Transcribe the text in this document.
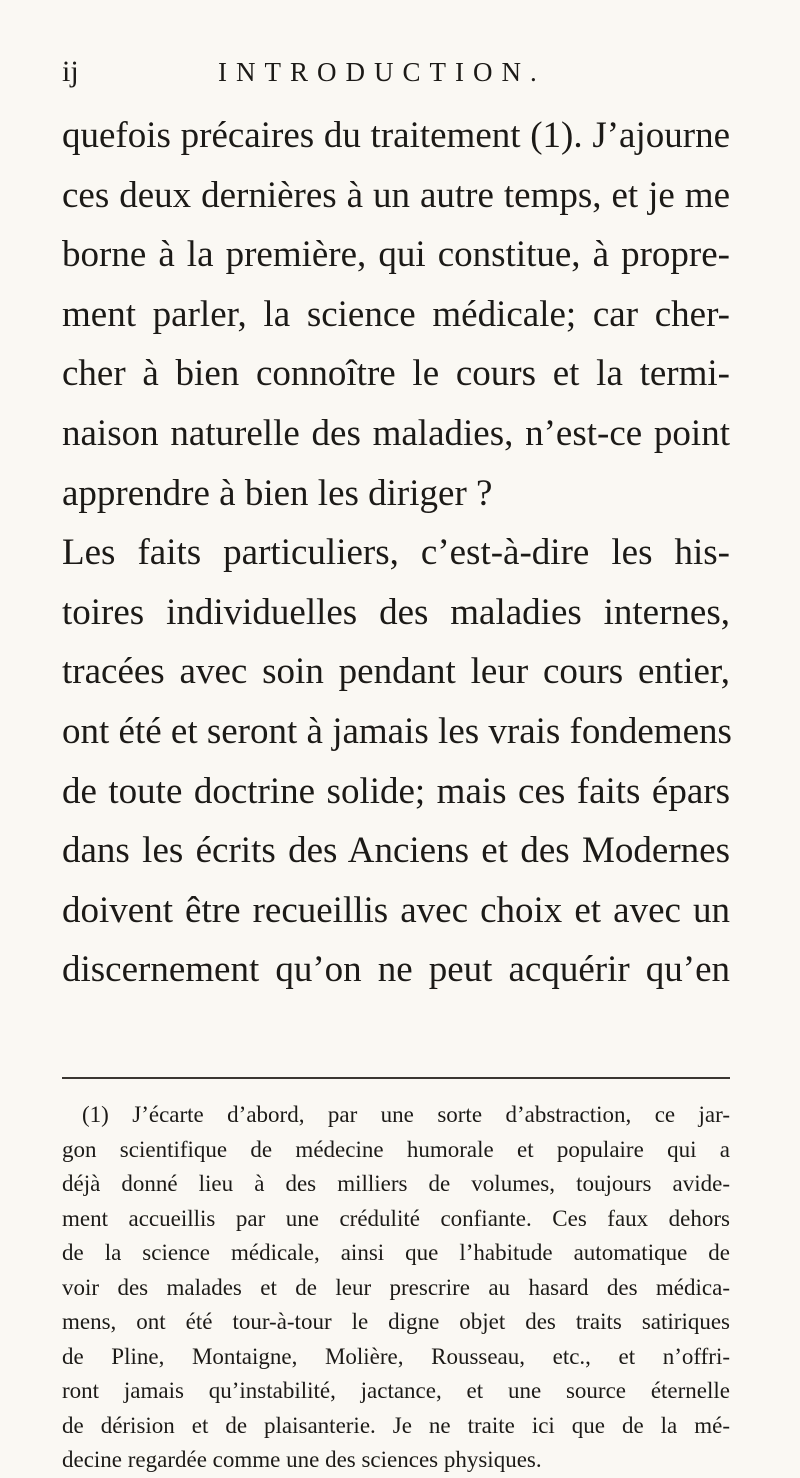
ij	INTRODUCTION.
quefois précaires du traitement (1). J’ajourne
ces deux dernières à un autre temps, et je me
borne à la première, qui constitue, à propre-
ment parler, la science médicale; car cher-
cher à bien connoître le cours et la termi-
naison naturelle des maladies, n’est-ce point
apprendre à bien les diriger ?
Les faits particuliers, c’est-à-dire les his-
toires individuelles des maladies internes,
tracées avec soin pendant leur cours entier,
ont été et seront à jamais les vrais fondemens
de toute doctrine solide; mais ces faits épars
dans les écrits des Anciens et des Modernes
doivent être recueillis avec choix et avec un
discernement qu’on ne peut acquérir qu’en
(1) J’écarte d’abord, par une sorte d’abstraction, ce jar-
gon scientifique de médecine humorale et populaire qui a
déjà donné lieu à des milliers de volumes, toujours avide-
ment accueillis par une crédulité confiante. Ces faux dehors
de la science médicale, ainsi que l’habitude automatique de
voir des malades et de leur prescrire au hasard des médica-
mens, ont été tour-à-tour le digne objet des traits satiriques
de Pline, Montaigne, Molière, Rousseau, etc., et n’offri-
ront jamais qu’instabilité, jactance, et une source éternelle
de dérision et de plaisanterie. Je ne traite ici que de la mé-
decine regardée comme une des sciences physiques.
